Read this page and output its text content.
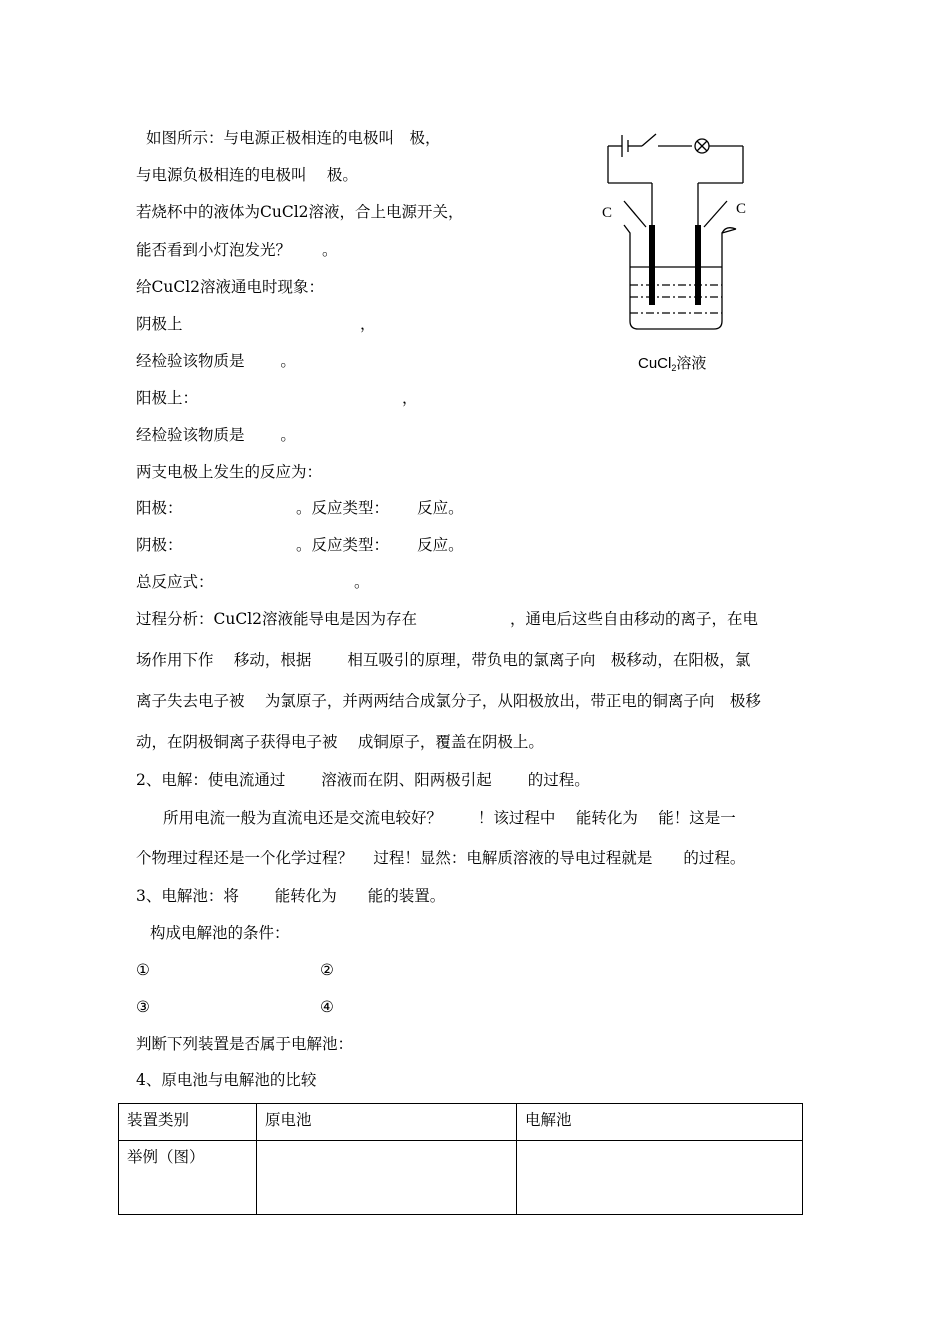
如图所示：与电源正极相连的电极叫　极，
与电源负极相连的电极叫　 极。
若烧杯中的液体为CuCl2溶液，合上电源开关，
能否看到小灯泡发光？　　。
给CuCl2溶液通电时现象：
阴极上	，
经检验该物质是　　 。
阳极上：	，
经检验该物质是　　 。
两支电极上发生的反应为：
阳极：	。反应类型：　　 反应。
阴极：	。反应类型：　　 反应。
总反应式：	。
C	C
CuCl$_2$溶液
过程分析：CuCl2溶液能导电是因为存在　　　　　　，通电后这些自由移动的离子，在电
场作用下作　 移动，根据　　 相互吸引的原理，带负电的氯离子向　极移动，在阳极，氯
离子失去电子被　 为氯原子，并两两结合成氯分子，从阳极放出，带正电的铜离子向　极移
动，在阴极铜离子获得电子被　 成铜原子，覆盖在阴极上。
2、电解：使电流通过　　 溶液而在阴、阳两极引起　　 的过程。
所用电流一般为直流电还是交流电较好？　　 ！该过程中　 能转化为　 能！这是一
个物理过程还是一个化学过程？　 过程！显然：电解质溶液的导电过程就是　　的过程。
3、电解池：将　　 能转化为　　能的装置。
构成电解池的条件：
①	②
③	④
判断下列装置是否属于电解池：
4、原电池与电解池的比较
装置类别	原电池	电解池
举例（图）		
